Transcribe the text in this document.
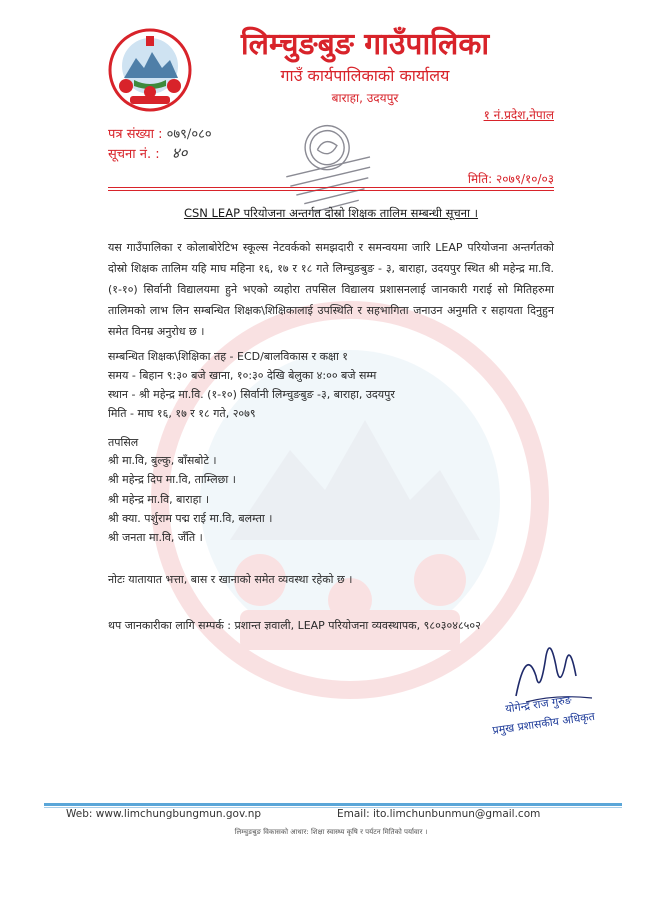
लिम्चुङबुङ गाउँपालिका
गाउँ कार्यपालिकाको कार्यालय
बाराहा, उदयपुर
१ नं.प्रदेश,नेपाल
पत्र संख्या : ०७९/०८०
सूचना नं. : ४०
मिति: २०७९/१०/०३
CSN LEAP परियोजना अन्तर्गत दोस्रो शिक्षक तालिम सम्बन्धी सूचना ।
यस गाउँपालिका र कोलाबोरेटिभ स्कूल्स नेटवर्कको समझदारी र समन्वयमा जारि LEAP परियोजना अन्तर्गतको दोस्रो शिक्षक तालिम यहि माघ महिना १६, १७ र १८ गते लिम्चुङबुङ - ३, बाराहा, उदयपुर स्थित श्री महेन्द्र मा.वि. (१-१०) सिर्वानी विद्यालयमा हुने भएको व्यहोरा तपसिल विद्यालय प्रशासनलाई जानकारी गराई सो मितिहरुमा तालिमको लाभ लिन सम्बन्धित शिक्षक\शिक्षिकालाई उपस्थिति र सहभागिता जनाउन अनुमति र सहायता दिनुहुन समेत विनम्र अनुरोध छ ।
सम्बन्धित शिक्षक\शिक्षिका तह - ECD/बालविकास र कक्षा १
समय - बिहान ९:३० बजे खाना, १०:३० देखि बेलुका ४:०० बजे सम्म
स्थान - श्री महेन्द्र मा.वि. (१-१०) सिर्वानी लिम्चुङबुङ -३, बाराहा, उदयपुर
मिति - माघ १६, १७ र १८ गते, २०७९
तपसिल
श्री मा.वि, बुल्कु, बाँसबोटे ।
श्री महेन्द्र दिप मा.वि, ताम्लिछा ।
श्री महेन्द्र मा.वि, बाराहा ।
श्री क्या. पर्शुराम पद्म राई मा.वि, बलम्ता ।
श्री जनता मा.वि, जँति ।
नोटः यातायात भत्ता, बास र खानाको समेत व्यवस्था रहेको छ ।
थप जानकारीका लागि सम्पर्क : प्रशान्त ज्ञवाली, LEAP परियोजना व्यवस्थापक, ९८०३०४८५०२
योगेन्द्र राज गुरुङ
प्रमुख प्रशासकीय अधिकृत
Web: www.limchungbungmun.gov.np	Email: ito.limchunbunmun@gmail.com
लिम्चुङबुङ विकासको आधार: शिक्षा स्वास्थ्य कृषि र पर्यटन मितिको पर्यावार ।
